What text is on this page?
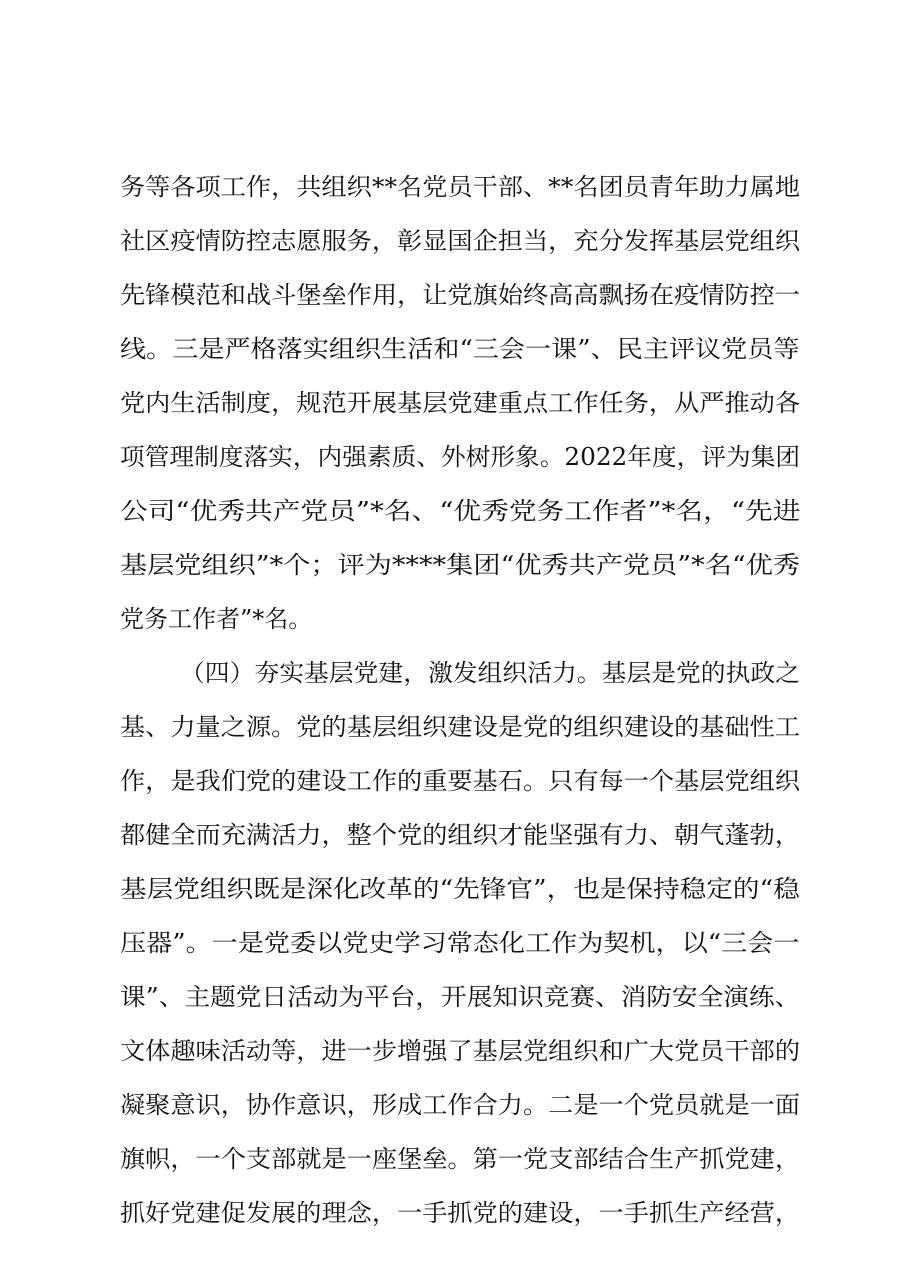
务等各项工作，共组织**名党员干部、**名团员青年助力属地
社区疫情防控志愿服务，彰显国企担当，充分发挥基层党组织
先锋模范和战斗堡垒作用，让党旗始终高高飘扬在疫情防控一
线。三是严格落实组织生活和“三会一课”、民主评议党员等
党内生活制度，规范开展基层党建重点工作任务，从严推动各
项管理制度落实，内强素质、外树形象。2022年度，评为集团
公司“优秀共产党员”*名、“优秀党务工作者”*名，“先进
基层党组织”*个；评为****集团“优秀共产党员”*名“优秀
党务工作者”*名。
（四）夯实基层党建，激发组织活力。基层是党的执政之
基、力量之源。党的基层组织建设是党的组织建设的基础性工
作，是我们党的建设工作的重要基石。只有每一个基层党组织
都健全而充满活力，整个党的组织才能坚强有力、朝气蓬勃，
基层党组织既是深化改革的“先锋官”，也是保持稳定的“稳
压器”。一是党委以党史学习常态化工作为契机，以“三会一
课”、主题党日活动为平台，开展知识竞赛、消防安全演练、
文体趣味活动等，进一步增强了基层党组织和广大党员干部的
凝聚意识，协作意识，形成工作合力。二是一个党员就是一面
旗帜，一个支部就是一座堡垒。第一党支部结合生产抓党建，
抓好党建促发展的理念，一手抓党的建设，一手抓生产经营，
